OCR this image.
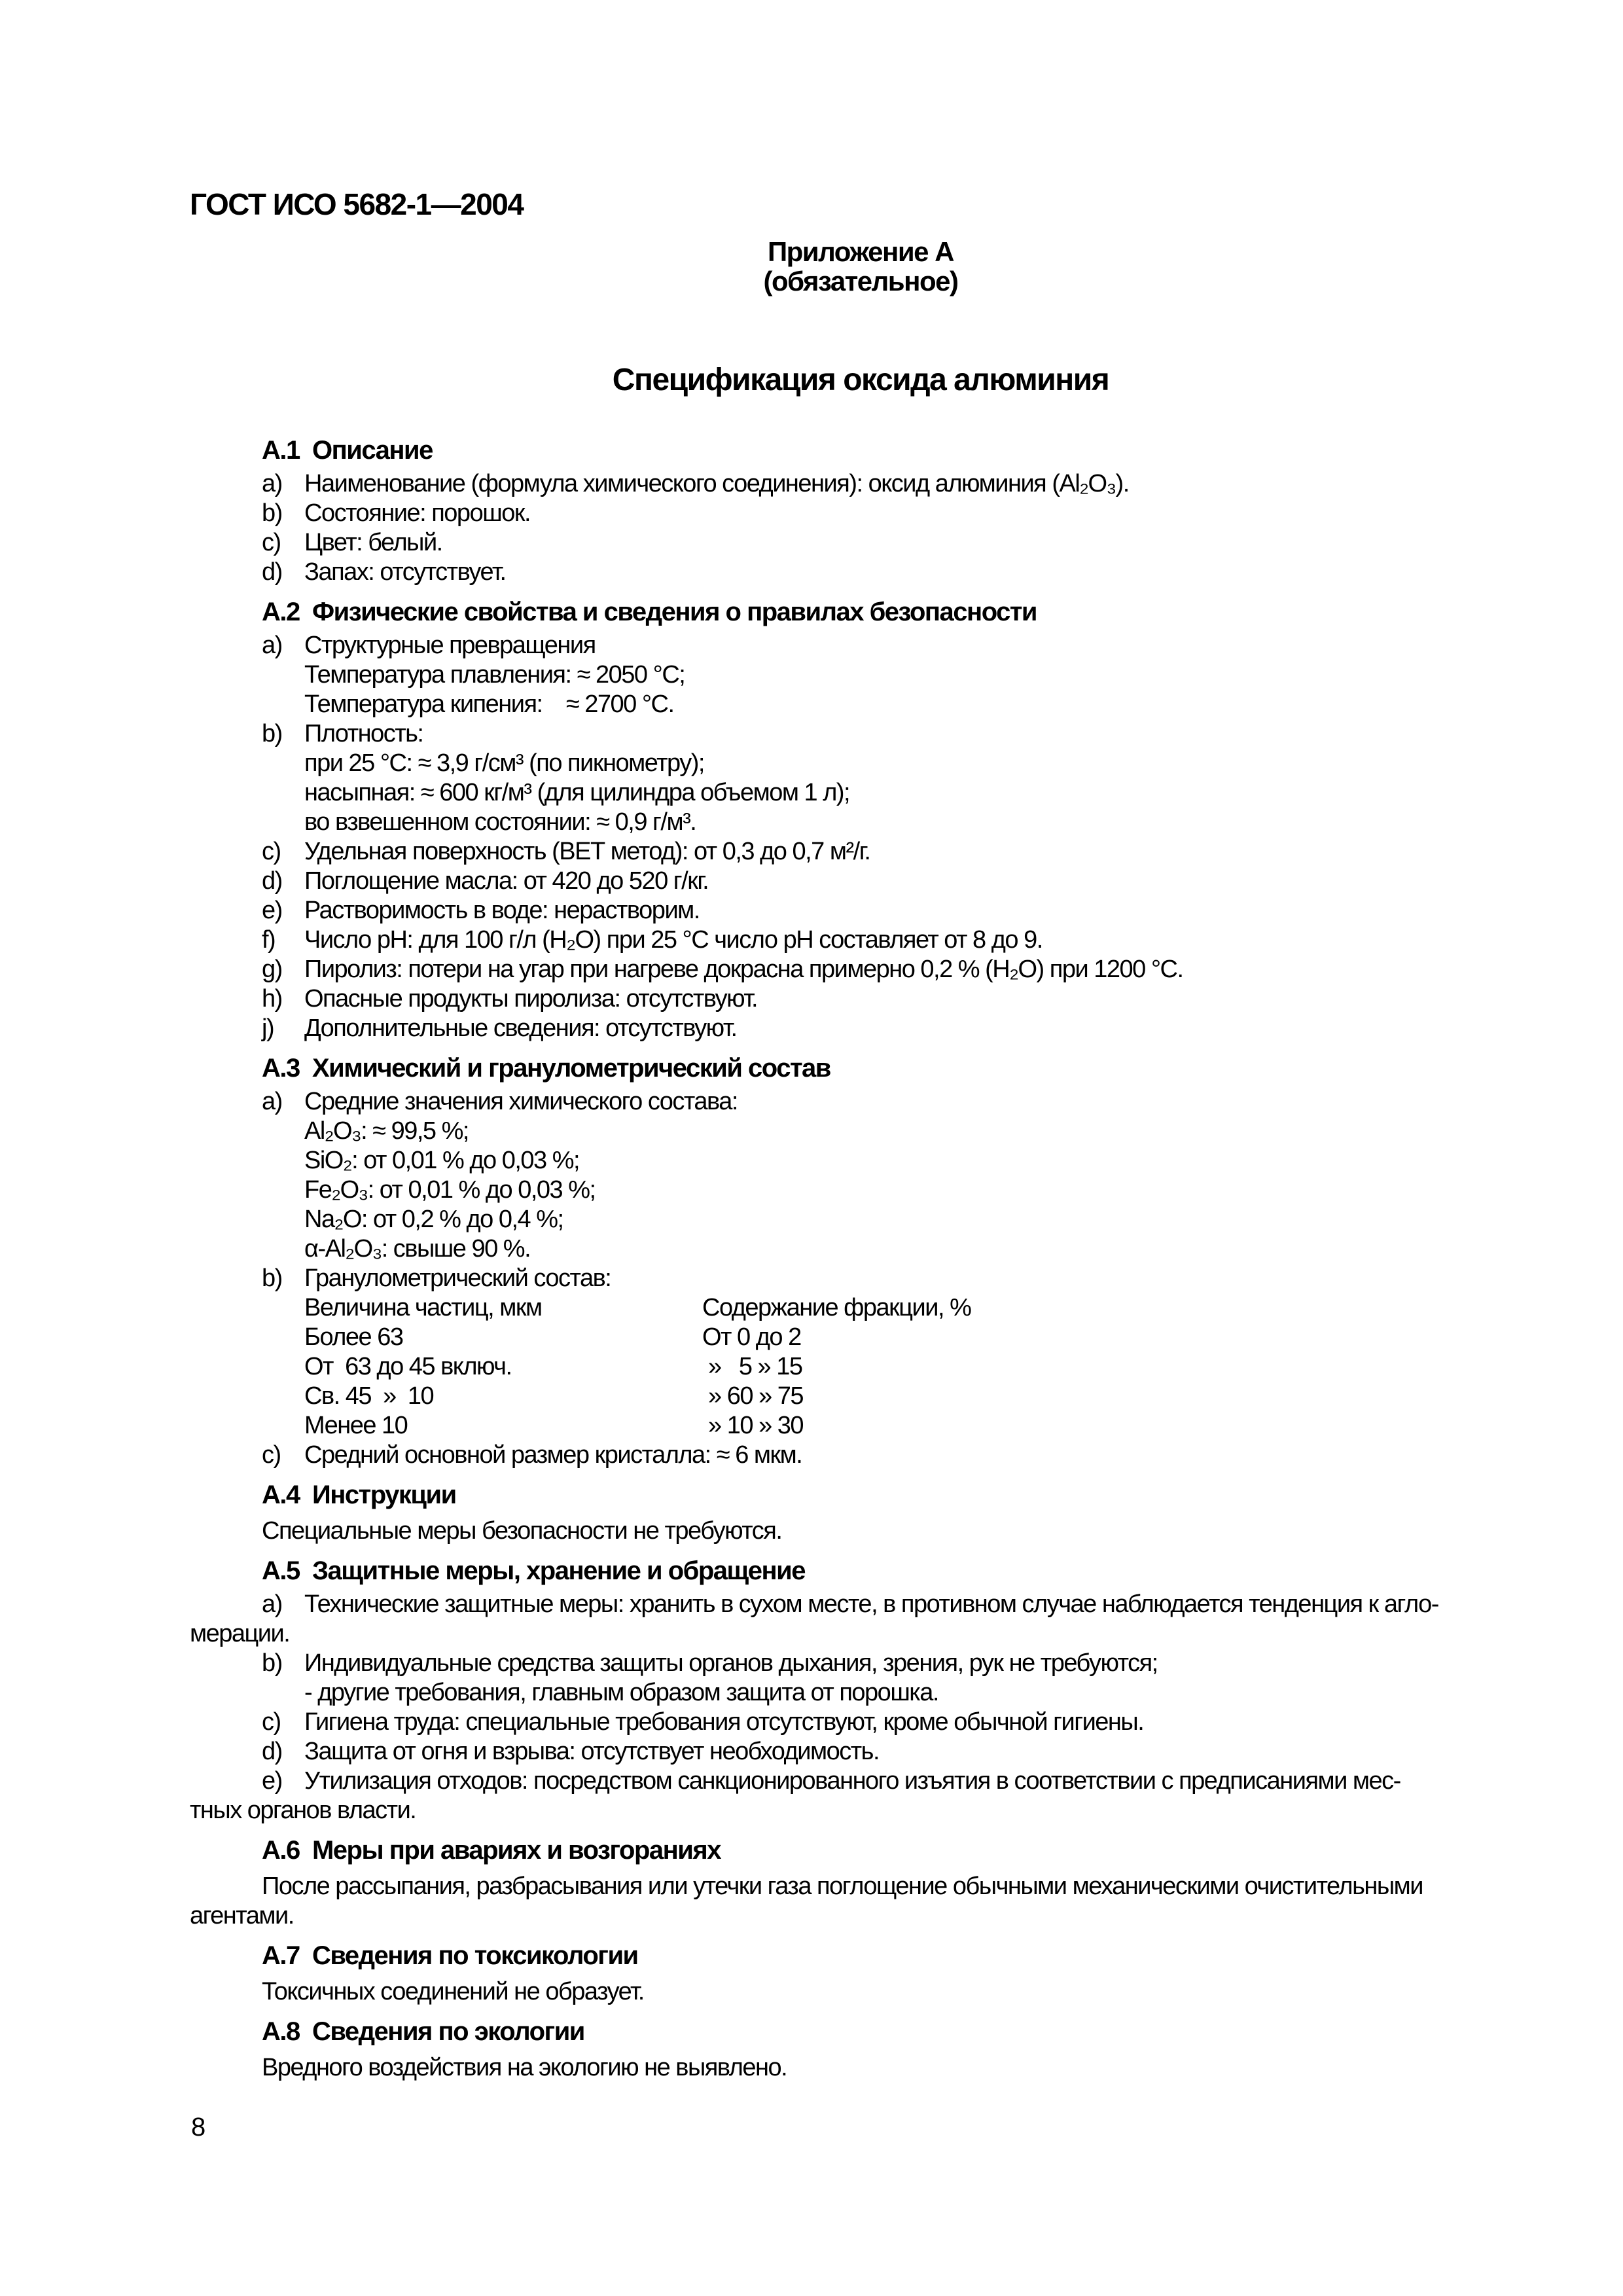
ГОСТ ИСО 5682-1—2004
Приложение А
(обязательное)
Спецификация оксида алюминия
А.1  Описание
a) Наименование (формула химического соединения): оксид алюминия (Al₂O₃).
b) Состояние: порошок.
c) Цвет: белый.
d) Запах: отсутствует.
А.2  Физические свойства и сведения о правилах безопасности
a) Структурные превращения
Температура плавления: ≈ 2050 °С;
Температура кипения:    ≈ 2700 °С.
b) Плотность:
при 25 °С: ≈ 3,9 г/см³ (по пикнометру);
насыпная: ≈ 600 кг/м³ (для цилиндра объемом 1 л);
во взвешенном состоянии: ≈ 0,9 г/м³.
c) Удельная поверхность (ВЕТ метод): от 0,3 до 0,7 м²/г.
d) Поглощение масла: от 420 до 520 г/кг.
e) Растворимость в воде: нерастворим.
f) Число рН: для 100 г/л (Н₂О) при 25 °С число рН составляет от 8 до 9.
g) Пиролиз: потери на угар при нагреве докрасна примерно 0,2 % (Н₂О) при 1200 °С.
h) Опасные продукты пиролиза: отсутствуют.
j) Дополнительные сведения: отсутствуют.
А.3  Химический и гранулометрический состав
a) Средние значения химического состава:
Al₂O₃: ≈ 99,5 %;
SiO₂: от 0,01 % до 0,03 %;
Fe₂O₃: от 0,01 % до 0,03 %;
Na₂O: от 0,2 % до 0,4 %;
α-Al₂O₃: свыше 90 %.
b) Гранулометрический состав:
Величина частиц, мкм	Содержание фракции, %
Более 63	От 0 до 2
От  63 до 45 включ.	»   5 » 15
Св. 45  »  10	» 60 » 75
Менее 10	» 10 » 30
c) Средний основной размер кристалла: ≈ 6 мкм.
А.4  Инструкции
Специальные меры безопасности не требуются.
А.5  Защитные меры, хранение и обращение
a) Технические защитные меры: хранить в сухом месте, в противном случае наблюдается тенденция к агло-
мерации.
b) Индивидуальные средства защиты органов дыхания, зрения, рук не требуются;
- другие требования, главным образом защита от порошка.
c) Гигиена труда: специальные требования отсутствуют, кроме обычной гигиены.
d) Защита от огня и взрыва: отсутствует необходимость.
e) Утилизация отходов: посредством санкционированного изъятия в соответствии с предписаниями мес-
тных органов власти.
А.6  Меры при авариях и возгораниях
После рассыпания, разбрасывания или утечки газа поглощение обычными механическими очистительными
агентами.
А.7  Сведения по токсикологии
Токсичных соединений не образует.
А.8  Сведения по экологии
Вредного воздействия на экологию не выявлено.
8
